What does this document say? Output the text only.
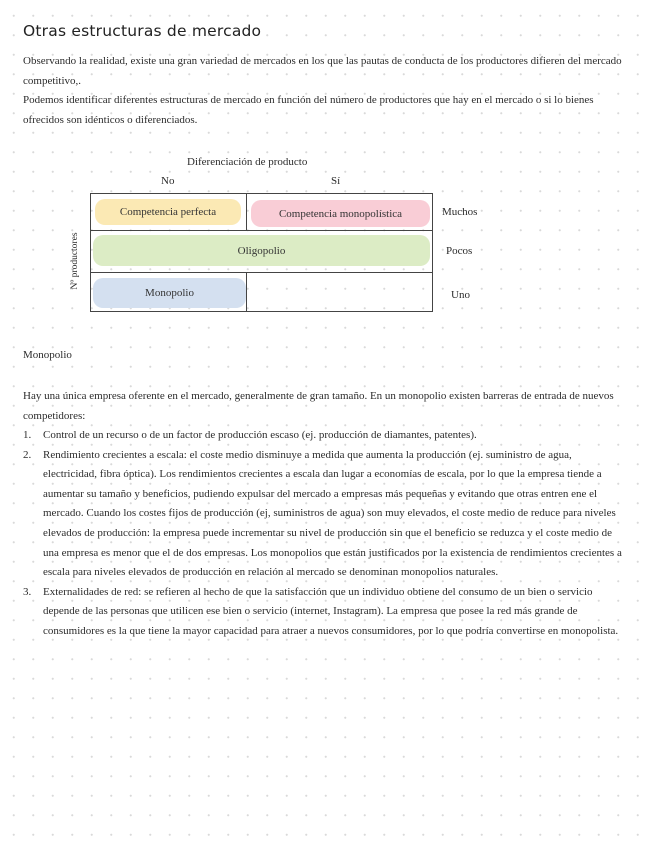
Otras estructuras de mercado
Observando la realidad, existe una gran variedad de mercados en los que las pautas de conducta de los productores difieren del mercado competitivo,.
Podemos identificar diferentes estructuras de mercado en función del número de productores que hay en el mercado o si lo bienes ofrecidos son idénticos o diferenciados.
Diferenciación de producto
No	Sí
Nº productores
Competencia perfecta	Competencia monopolística
Oligopolio
Monopolio
Muchos
Pocos
Uno
Monopolio
Hay una única empresa oferente en el mercado, generalmente de gran tamaño. En un monopolio existen barreras de entrada de nuevos competidores:
1. Control de un recurso o de un factor de producción escaso (ej. producción de diamantes, patentes).
2. Rendimiento crecientes a escala: el coste medio disminuye a medida que aumenta la producción (ej. suministro de agua, electricidad, fibra óptica). Los rendimientos crecientes a escala dan lugar a economías de escala, por lo que la empresa tiende a aumentar su tamaño y beneficios, pudiendo expulsar del mercado a empresas más pequeñas y evitando que otras entren ene el mercado. Cuando los costes fijos de producción (ej, suministros de agua) son muy elevados, el coste medio de reduce para niveles elevados de producción: la empresa puede incrementar su nivel de producción sin que el beneficio se reduzca y el coste medio de una empresa es menor que el de dos empresas. Los monopolios que están justificados por la existencia de rendimientos crecientes a escala para niveles elevados de producción en relación al mercado se denominan monopolios naturales.
3. Externalidades de red: se refieren al hecho de que la satisfacción que un individuo obtiene del consumo de un bien o servicio depende de las personas que utilicen ese bien o servicio (internet, Instagram). La empresa que posee la red más grande de consumidores es la que tiene la mayor capacidad para atraer a nuevos consumidores, por lo que podría convertirse en monopolista.
